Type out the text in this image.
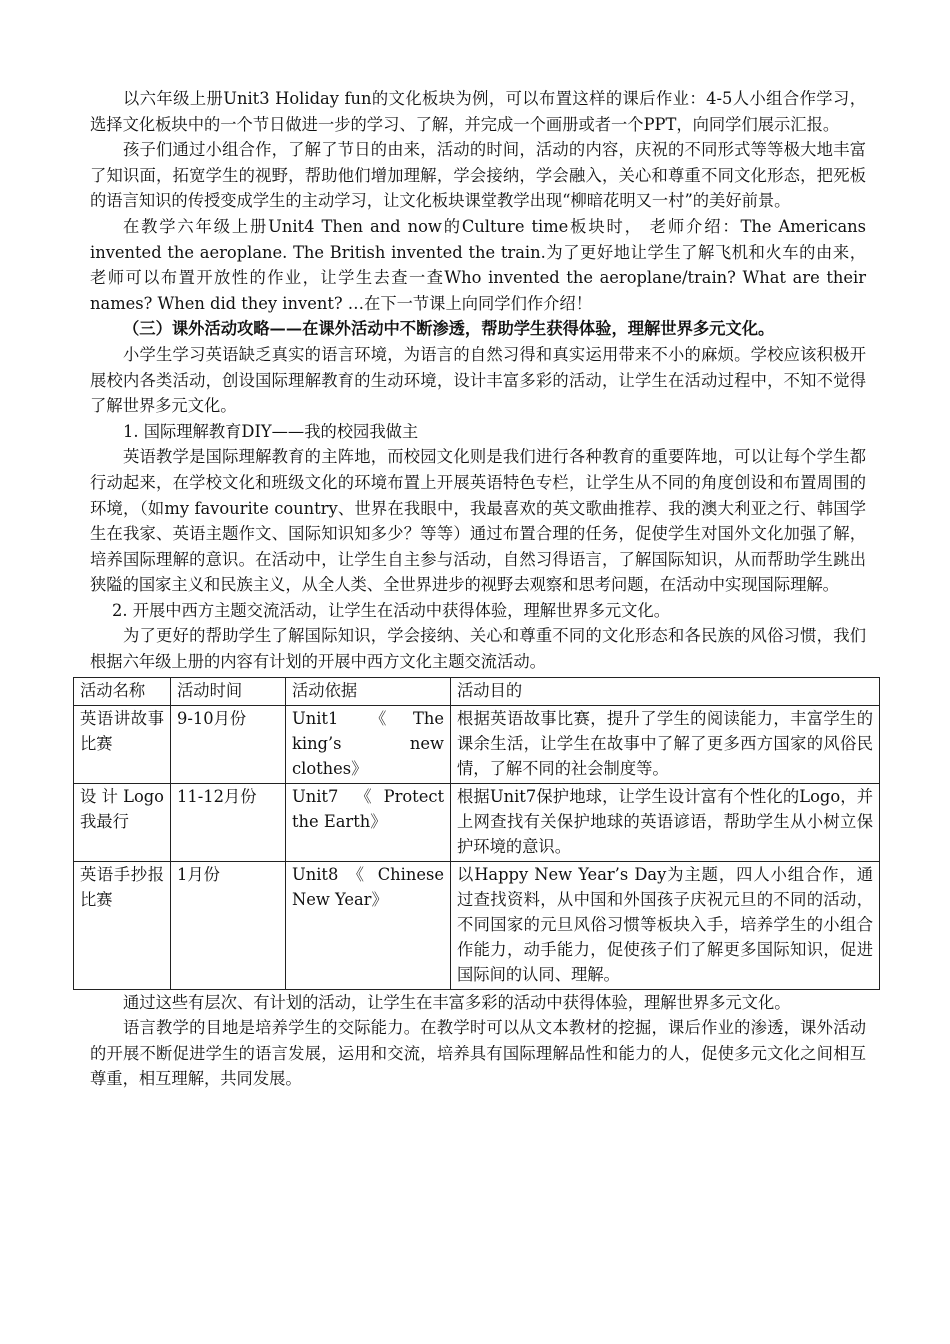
以六年级上册Unit3 Holiday fun的文化板块为例，可以布置这样的课后作业：4-5人小组合作学习，选择文化板块中的一个节日做进一步的学习、了解，并完成一个画册或者一个PPT，向同学们展示汇报。

孩子们通过小组合作，了解了节日的由来，活动的时间，活动的内容，庆祝的不同形式等等极大地丰富了知识面，拓宽学生的视野，帮助他们增加理解，学会接纳，学会融入，关心和尊重不同文化形态，把死板的语言知识的传授变成学生的主动学习，让文化板块课堂教学出现“柳暗花明又一村”的美好前景。

在教学六年级上册Unit4 Then and now的Culture time板块时， 老师介绍：The Americans invented the aeroplane. The British invented the train.为了更好地让学生了解飞机和火车的由来，老师可以布置开放性的作业，让学生去查一查Who invented the aeroplane/train? What are their names? When did they invent? …在下一节课上向同学们作介绍！

（三）课外活动攻略——在课外活动中不断渗透，帮助学生获得体验，理解世界多元文化。

小学生学习英语缺乏真实的语言环境，为语言的自然习得和真实运用带来不小的麻烦。学校应该积极开展校内各类活动，创设国际理解教育的生动环境，设计丰富多彩的活动，让学生在活动过程中，不知不觉得了解世界多元文化。

1. 国际理解教育DIY——我的校园我做主

英语教学是国际理解教育的主阵地，而校园文化则是我们进行各种教育的重要阵地，可以让每个学生都行动起来，在学校文化和班级文化的环境布置上开展英语特色专栏，让学生从不同的角度创设和布置周围的环境，（如my favourite country、世界在我眼中，我最喜欢的英文歌曲推荐、我的澳大利亚之行、韩国学生在我家、英语主题作文、国际知识知多少？等等）通过布置合理的任务，促使学生对国外文化加强了解，培养国际理解的意识。在活动中，让学生自主参与活动，自然习得语言，了解国际知识，从而帮助学生跳出狭隘的国家主义和民族主义，从全人类、全世界进步的视野去观察和思考问题，在活动中实现国际理解。

2. 开展中西方主题交流活动，让学生在活动中获得体验，理解世界多元文化。

为了更好的帮助学生了解国际知识，学会接纳、关心和尊重不同的文化形态和各民族的风俗习惯，我们根据六年级上册的内容有计划的开展中西方文化主题交流活动。

活动名称	活动时间	活动依据	活动目的
英语讲故事比赛	9-10月份	Unit1 《The king’s new clothes》	根据英语故事比赛，提升了学生的阅读能力，丰富学生的课余生活，让学生在故事中了解了更多西方国家的风俗民情，了解不同的社会制度等。
设 计 Logo 我最行	11-12月份	Unit7 《Protect the Earth》	根据Unit7保护地球，让学生设计富有个性化的Logo，并上网查找有关保护地球的英语谚语，帮助学生从小树立保护环境的意识。
英语手抄报比赛	1月份	Unit8 《 Chinese New Year》	以Happy New Year’s Day为主题，四人小组合作，通过查找资料，从中国和外国孩子庆祝元旦的不同的活动，不同国家的元旦风俗习惯等板块入手，培养学生的小组合作能力，动手能力，促使孩子们了解更多国际知识，促进国际间的认同、理解。

通过这些有层次、有计划的活动，让学生在丰富多彩的活动中获得体验，理解世界多元文化。

语言教学的目地是培养学生的交际能力。在教学时可以从文本教材的挖掘，课后作业的渗透，课外活动的开展不断促进学生的语言发展，运用和交流，培养具有国际理解品性和能力的人，促使多元文化之间相互尊重，相互理解，共同发展。
